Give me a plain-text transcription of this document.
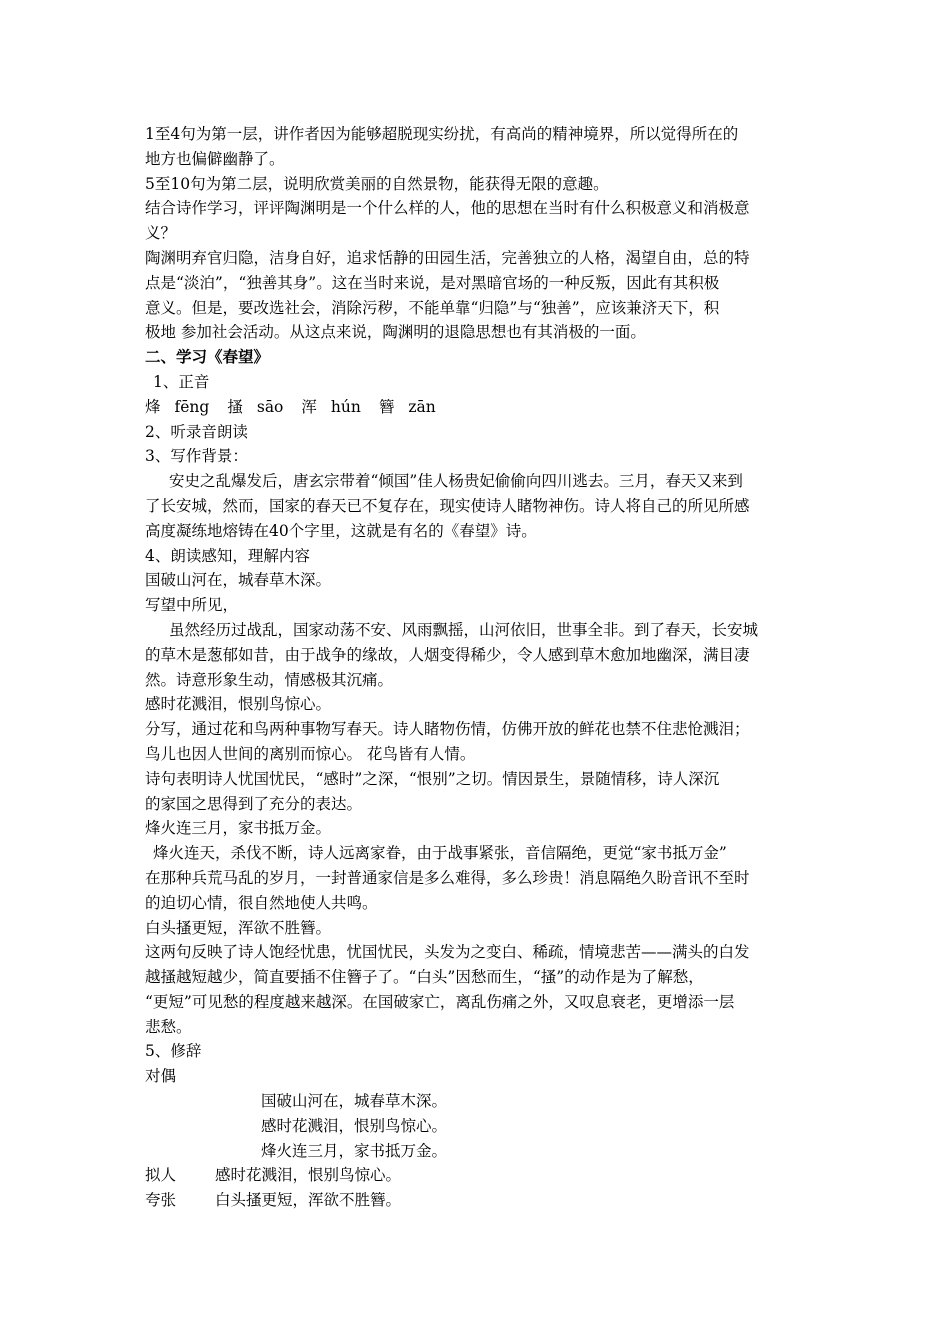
1至4句为第一层，讲作者因为能够超脱现实纷扰，有高尚的精神境界，所以觉得所在的
地方也偏僻幽静了。
5至10句为第二层，说明欣赏美丽的自然景物，能获得无限的意趣。
结合诗作学习，评评陶渊明是一个什么样的人，他的思想在当时有什么积极意义和消极意
义？
陶渊明弃官归隐，洁身自好，追求恬静的田园生活，完善独立的人格，渴望自由，总的特
点是“淡泊”，“独善其身”。这在当时来说，是对黑暗官场的一种反叛，因此有其积极
意义。但是，要改选社会，消除污秽，不能单靠“归隐”与“独善”，应该兼济天下，积
极地 参加社会活动。从这点来说，陶渊明的退隐思想也有其消极的一面。
二、学习《春望》
1、正音
烽 fēng 搔 sāo 浑 hún 簪 zān
2、听录音朗读
3、写作背景：
安史之乱爆发后，唐玄宗带着“倾国”佳人杨贵妃偷偷向四川逃去。三月，春天又来到
了长安城，然而，国家的春天已不复存在，现实使诗人睹物神伤。诗人将自己的所见所感
高度凝练地熔铸在40个字里，这就是有名的《春望》诗。
4、朗读感知，理解内容
国破山河在，城春草木深。
写望中所见，
虽然经历过战乱，国家动荡不安、风雨飘摇，山河依旧，世事全非。到了春天，长安城
的草木是葱郁如昔，由于战争的缘故，人烟变得稀少，令人感到草木愈加地幽深，满目凄
然。诗意形象生动，情感极其沉痛。
感时花溅泪，恨别鸟惊心。
分写，通过花和鸟两种事物写春天。诗人睹物伤情，仿佛开放的鲜花也禁不住悲怆溅泪；
鸟儿也因人世间的离别而惊心。 花鸟皆有人情。
诗句表明诗人忧国忧民，“感时”之深，“恨别”之切。情因景生，景随情移，诗人深沉
的家国之思得到了充分的表达。
烽火连三月，家书抵万金。
烽火连天，杀伐不断，诗人远离家眷，由于战事紧张，音信隔绝，更觉“家书抵万金”
在那种兵荒马乱的岁月，一封普通家信是多么难得，多么珍贵！消息隔绝久盼音讯不至时
的迫切心情，很自然地使人共鸣。
白头搔更短，浑欲不胜簪。
这两句反映了诗人饱经忧患，忧国忧民，头发为之变白、稀疏，情境悲苦——满头的白发
越搔越短越少，简直要插不住簪子了。“白头”因愁而生，“搔”的动作是为了解愁，
“更短”可见愁的程度越来越深。在国破家亡，离乱伤痛之外，又叹息衰老，更增添一层
悲愁。
5、修辞
对偶
国破山河在，城春草木深。
感时花溅泪，恨别鸟惊心。
烽火连三月，家书抵万金。
拟人	感时花溅泪，恨别鸟惊心。
夸张	白头搔更短，浑欲不胜簪。
